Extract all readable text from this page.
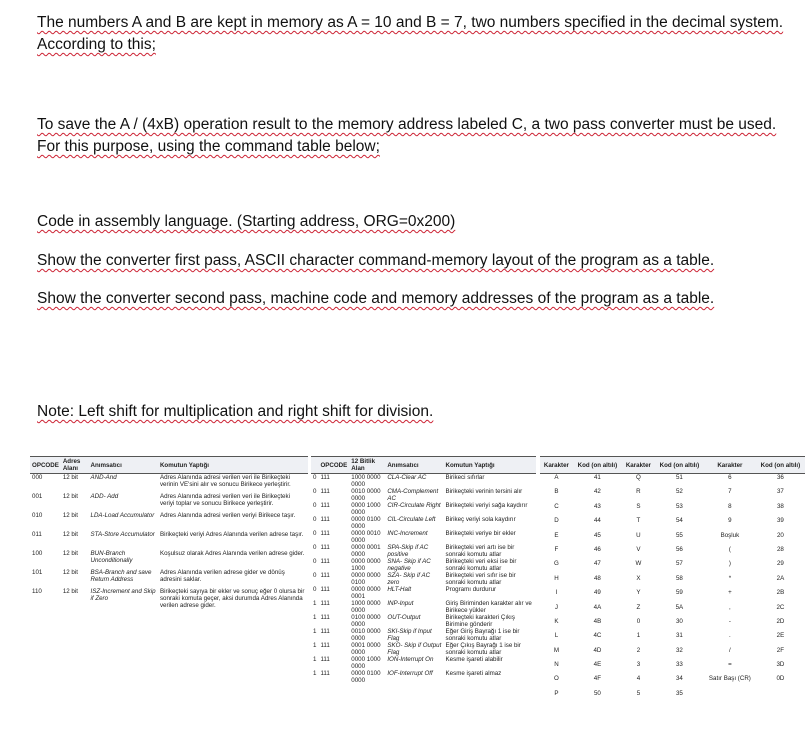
The numbers A and B are kept in memory as A = 10 and B = 7, two numbers specified in the decimal system. According to this;
To save the A / (4xB) operation result to the memory address labeled C, a two pass converter must be used. For this purpose, using the command table below;
Code in assembly language. (Starting address, ORG=0x200)
Show the converter first pass, ASCII character command-memory layout of the program as a table.
Show the converter second pass, machine code and memory addresses of the program as a table.
Note: Left shift for multiplication and right shift for division.
OPCODE	Adres Alanı	Anımsatıcı	Komutun Yaptığı
000	12 bit	AND-And	Adres Alanında adresi verilen veri ile Birikeçteki verinin VE'sini alır ve sonucu Birikece yerleştirir.
001	12 bit	ADD- Add	Adres Alanında adresi verilen veri ile Birikeçteki veriyi toplar ve sonucu Birikece yerleştirir.
010	12 bit	LDA-Load Accumulator	Adres Alanında adresi verilen veriyi Birikece taşır.
011	12 bit	STA-Store Accumulator	Birikeçteki veriyi Adres Alanında verilen adrese taşır.
100	12 bit	BUN-Branch Unconditionally	Koşulsuz olarak Adres Alanında verilen adrese gider.
101	12 bit	BSA-Branch and save Return Address	Adres Alanında verilen adrese gider ve dönüş adresini saklar.
110	12 bit	ISZ-Increment and Skip if Zero	Birikeçteki sayıya bir ekler ve sonuç eğer 0 olursa bir sonraki komuta geçer, aksi durumda Adres Alanında verilen adrese gider.
	OPCODE	12 Bitlik Alan	Anımsatıcı	Komutun Yaptığı
0	111	1000 0000 0000	CLA-Clear AC	Birikeci sıfırlar
0	111	0010 0000 0000	CMA-Complement AC	Birikeçteki verinin tersini alır
0	111	0000 1000 0000	CIR-Circulate Right	Birikeçteki veriyi sağa kaydırır
0	111	0000 0100 0000	CIL-Circulate Left	Birikeç veriyi sola kaydırır
0	111	0000 0010 0000	INC-Increment	Birikeçteki veriye bir ekler
0	111	0000 0001 0000	SPA-Skip if AC positive	Birikeçteki veri artı ise bir sonraki komutu atlar
0	111	0000 0000 1000	SNA- Skip if AC negative	Birikeçteki veri eksi ise bir sonraki komutu atlar
0	111	0000 0000 0100	SZA- Skip if AC zero	Birikeçteki veri sıfır ise bir sonraki komutu atlar
0	111	0000 0000 0001	HLT-Halt	Programı durdurur
1	111	1000 0000 0000	INP-Input	Giriş Biriminden karakter alır ve Birikece yükler
1	111	0100 0000 0000	OUT-Output	Birikeçteki karakteri Çıkış Birimine gönderir
1	111	0010 0000 0000	SKI-Skip if Input Flag	Eğer Giriş Bayrağı 1 ise bir sonraki komutu atlar
1	111	0001 0000 0000	SKO- Skip if Output Flag	Eğer Çıkış Bayrağı 1 ise bir sonraki komutu atlar
1	111	0000 1000 0000	ION-Interrupt On	Kesme işareti alabilir
1	111	0000 0100 0000	IOF-Interrupt Off	Kesme işareti almaz
Karakter	Kod (on altılı)	Karakter	Kod (on altılı)	Karakter	Kod (on altılı)
A	41	Q	51	6	36
B	42	R	52	7	37
C	43	S	53	8	38
D	44	T	54	9	39
E	45	U	55	Boşluk	20
F	46	V	56	(	28
G	47	W	57	)	29
H	48	X	58	*	2A
I	49	Y	59	+	2B
J	4A	Z	5A	,	2C
K	4B	0	30	-	2D
L	4C	1	31	.	2E
M	4D	2	32	/	2F
N	4E	3	33	=	3D
O	4F	4	34	Satır Başı (CR)	0D
P	50	5	35		
